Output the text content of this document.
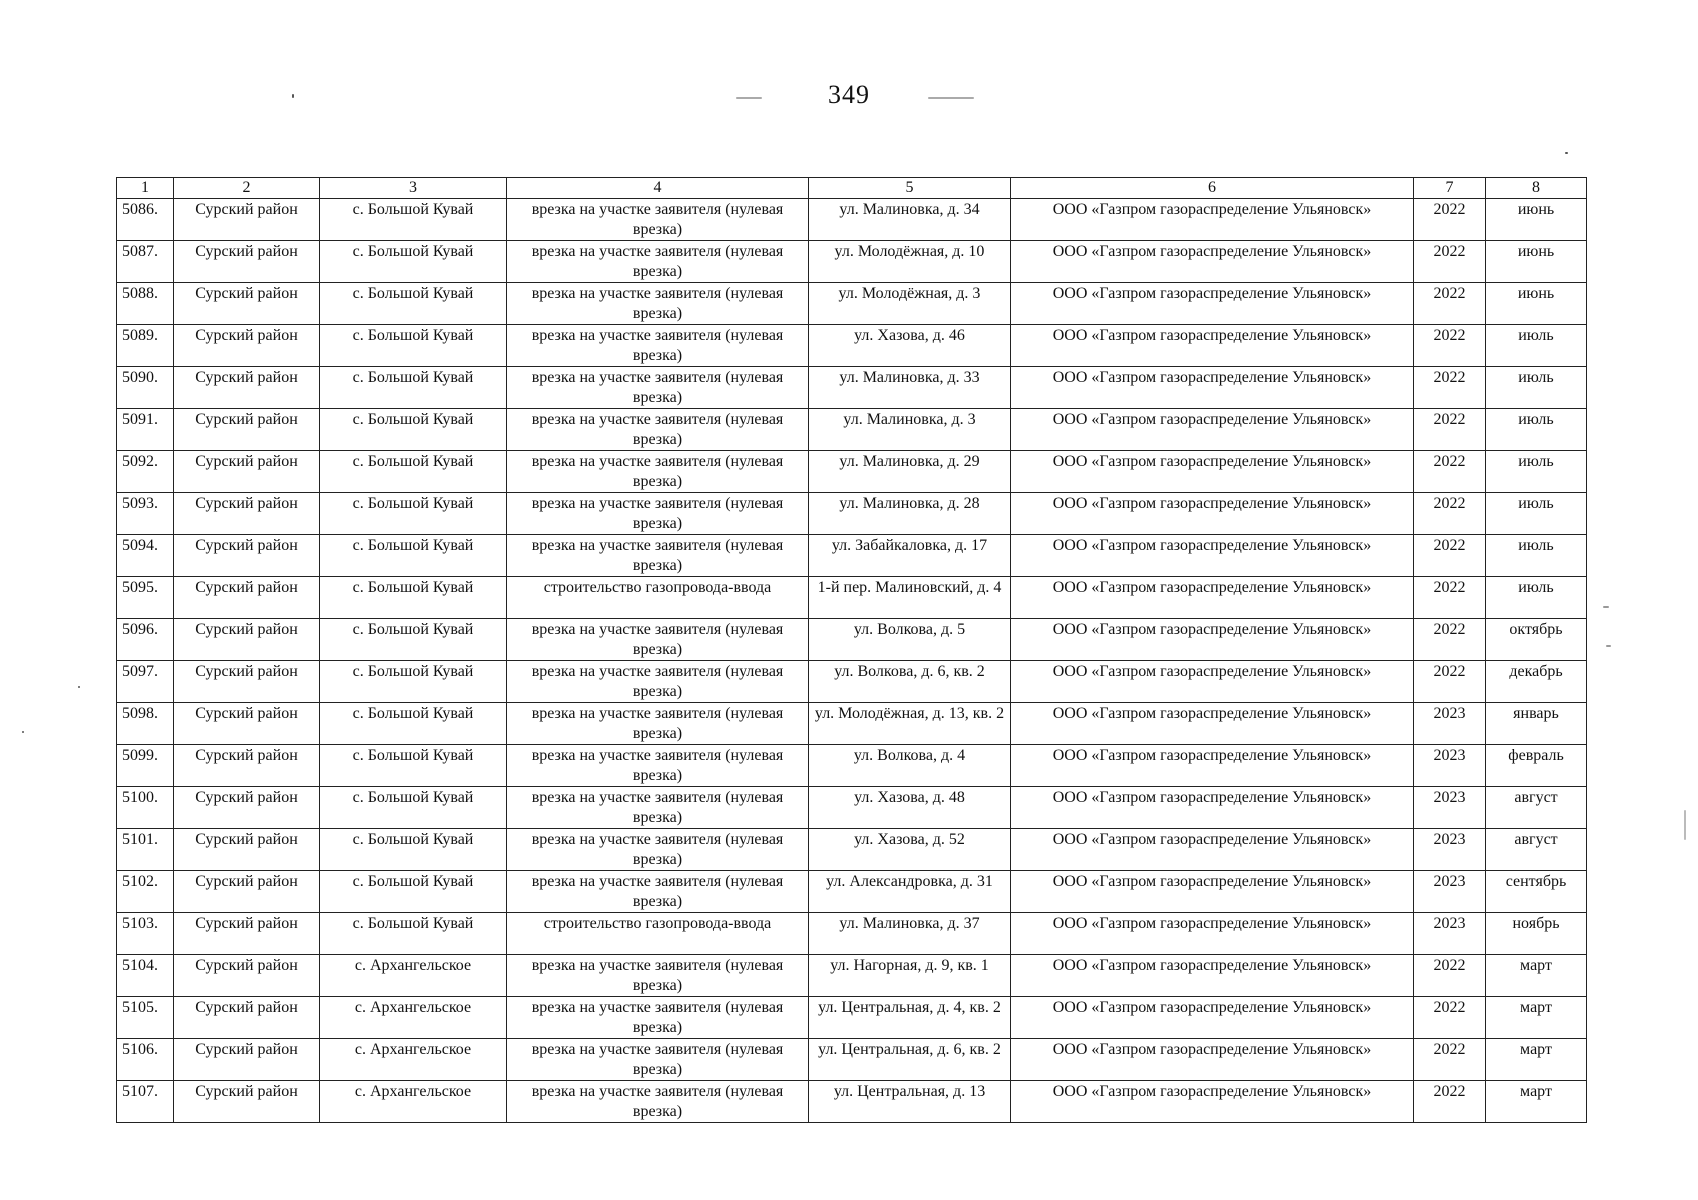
349
1	2	3	4	5	6	7	8
5086.	Сурский район	с. Большой Кувай	врезка на участке заявителя (нулевая врезка)	ул. Малиновка, д. 34	ООО «Газпром газораспределение Ульяновск»	2022	июнь
5087.	Сурский район	с. Большой Кувай	врезка на участке заявителя (нулевая врезка)	ул. Молодёжная, д. 10	ООО «Газпром газораспределение Ульяновск»	2022	июнь
5088.	Сурский район	с. Большой Кувай	врезка на участке заявителя (нулевая врезка)	ул. Молодёжная, д. 3	ООО «Газпром газораспределение Ульяновск»	2022	июнь
5089.	Сурский район	с. Большой Кувай	врезка на участке заявителя (нулевая врезка)	ул. Хазова, д. 46	ООО «Газпром газораспределение Ульяновск»	2022	июль
5090.	Сурский район	с. Большой Кувай	врезка на участке заявителя (нулевая врезка)	ул. Малиновка, д. 33	ООО «Газпром газораспределение Ульяновск»	2022	июль
5091.	Сурский район	с. Большой Кувай	врезка на участке заявителя (нулевая врезка)	ул. Малиновка, д. 3	ООО «Газпром газораспределение Ульяновск»	2022	июль
5092.	Сурский район	с. Большой Кувай	врезка на участке заявителя (нулевая врезка)	ул. Малиновка, д. 29	ООО «Газпром газораспределение Ульяновск»	2022	июль
5093.	Сурский район	с. Большой Кувай	врезка на участке заявителя (нулевая врезка)	ул. Малиновка, д. 28	ООО «Газпром газораспределение Ульяновск»	2022	июль
5094.	Сурский район	с. Большой Кувай	врезка на участке заявителя (нулевая врезка)	ул. Забайкаловка, д. 17	ООО «Газпром газораспределение Ульяновск»	2022	июль
5095.	Сурский район	с. Большой Кувай	строительство газопровода-ввода	1-й пер. Малиновский, д. 4	ООО «Газпром газораспределение Ульяновск»	2022	июль
5096.	Сурский район	с. Большой Кувай	врезка на участке заявителя (нулевая врезка)	ул. Волкова, д. 5	ООО «Газпром газораспределение Ульяновск»	2022	октябрь
5097.	Сурский район	с. Большой Кувай	врезка на участке заявителя (нулевая врезка)	ул. Волкова, д. 6, кв. 2	ООО «Газпром газораспределение Ульяновск»	2022	декабрь
5098.	Сурский район	с. Большой Кувай	врезка на участке заявителя (нулевая врезка)	ул. Молодёжная, д. 13, кв. 2	ООО «Газпром газораспределение Ульяновск»	2023	январь
5099.	Сурский район	с. Большой Кувай	врезка на участке заявителя (нулевая врезка)	ул. Волкова, д. 4	ООО «Газпром газораспределение Ульяновск»	2023	февраль
5100.	Сурский район	с. Большой Кувай	врезка на участке заявителя (нулевая врезка)	ул. Хазова, д. 48	ООО «Газпром газораспределение Ульяновск»	2023	август
5101.	Сурский район	с. Большой Кувай	врезка на участке заявителя (нулевая врезка)	ул. Хазова, д. 52	ООО «Газпром газораспределение Ульяновск»	2023	август
5102.	Сурский район	с. Большой Кувай	врезка на участке заявителя (нулевая врезка)	ул. Александровка, д. 31	ООО «Газпром газораспределение Ульяновск»	2023	сентябрь
5103.	Сурский район	с. Большой Кувай	строительство газопровода-ввода	ул. Малиновка, д. 37	ООО «Газпром газораспределение Ульяновск»	2023	ноябрь
5104.	Сурский район	с. Архангельское	врезка на участке заявителя (нулевая врезка)	ул. Нагорная, д. 9, кв. 1	ООО «Газпром газораспределение Ульяновск»	2022	март
5105.	Сурский район	с. Архангельское	врезка на участке заявителя (нулевая врезка)	ул. Центральная, д. 4, кв. 2	ООО «Газпром газораспределение Ульяновск»	2022	март
5106.	Сурский район	с. Архангельское	врезка на участке заявителя (нулевая врезка)	ул. Центральная, д. 6, кв. 2	ООО «Газпром газораспределение Ульяновск»	2022	март
5107.	Сурский район	с. Архангельское	врезка на участке заявителя (нулевая врезка)	ул. Центральная, д. 13	ООО «Газпром газораспределение Ульяновск»	2022	март
